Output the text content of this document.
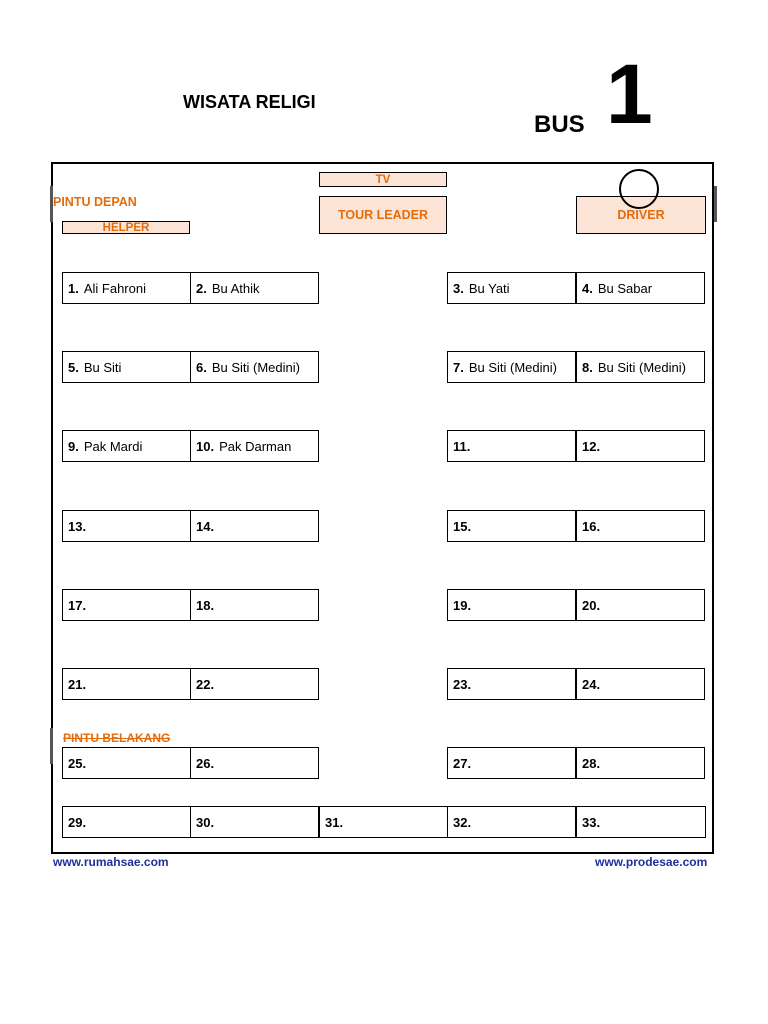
WISATA RELIGI
BUS 1
PINTU DEPAN
HELPER
TV
TOUR LEADER	DRIVER
PINTU BELAKANG
1. Ali Fahroni	2. Bu Athik	3. Bu Yati	4. Bu Sabar
5. Bu Siti	6. Bu Siti (Medini)	7. Bu Siti (Medini) 8. Bu Siti (Medini)
9. Pak Mardi	10. Pak Darman	11.	12.
13.	14.	15.	16.
17.	18.	19.	20.
21.	22.	23.	24.
25.	26.	27.	28.
29.	30.	31.	32.	33.
www.rumahsae.com	www.prodesae.com
